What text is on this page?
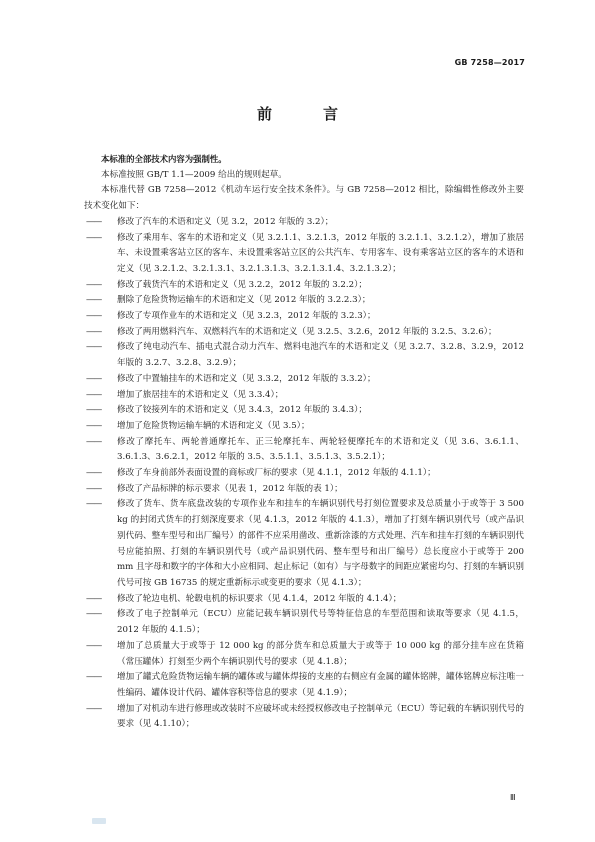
GB 7258—2017
前　言

本标准的全部技术内容为强制性。

本标准按照 GB/T 1.1—2009 给出的规则起草。

本标准代替 GB 7258—2012《机动车运行安全技术条件》。与 GB 7258—2012 相比，除编辑性修改外主要技术变化如下：

——	修改了汽车的术语和定义（见 3.2，2012 年版的 3.2）；
——	修改了乘用车、客车的术语和定义（见 3.2.1.1、3.2.1.3，2012 年版的 3.2.1.1、3.2.1.2），增加了旅居车、未设置乘客站立区的客车、未设置乘客站立区的公共汽车、专用客车、设有乘客站立区的客车的术语和定义（见 3.2.1.2、3.2.1.3.1、3.2.1.3.1.3、3.2.1.3.1.4、3.2.1.3.2）；
——	修改了载货汽车的术语和定义（见 3.2.2，2012 年版的 3.2.2）；
——	删除了危险货物运输车的术语和定义（见 2012 年版的 3.2.2.3）；
——	修改了专项作业车的术语和定义（见 3.2.3，2012 年版的 3.2.3）；
——	修改了两用燃料汽车、双燃料汽车的术语和定义（见 3.2.5、3.2.6，2012 年版的 3.2.5、3.2.6）；
——	修改了纯电动汽车、插电式混合动力汽车、燃料电池汽车的术语和定义（见 3.2.7、3.2.8、3.2.9，2012 年版的 3.2.7、3.2.8、3.2.9）；
——	修改了中置轴挂车的术语和定义（见 3.3.2，2012 年版的 3.3.2）；
——	增加了旅居挂车的术语和定义（见 3.3.4）；
——	修改了铰接列车的术语和定义（见 3.4.3，2012 年版的 3.4.3）；
——	增加了危险货物运输车辆的术语和定义（见 3.5）；
——	修改了摩托车、两轮普通摩托车、正三轮摩托车、两轮轻便摩托车的术语和定义（见 3.6、3.6.1.1、3.6.1.3、3.6.2.1，2012 年版的 3.5、3.5.1.1、3.5.1.3、3.5.2.1）；
——	修改了车身前部外表面设置的商标或厂标的要求（见 4.1.1，2012 年版的 4.1.1）；
——	修改了产品标牌的标示要求（见表 1，2012 年版的表 1）；
——	修改了货车、货车底盘改装的专项作业车和挂车的车辆识别代号打刻位置要求及总质量小于或等于 3 500 kg 的封闭式货车的打刻深度要求（见 4.1.3，2012 年版的 4.1.3），增加了打刻车辆识别代号（或产品识别代码、整车型号和出厂编号）的部件不应采用凿改、重新涂漆的方式处理、汽车和挂车打刻的车辆识别代号应能拍照、打刻的车辆识别代号（或产品识别代码、整车型号和出厂编号）总长度应小于或等于 200 mm 且字母和数字的字体和大小应相同、起止标记（如有）与字母数字的间距应紧密均匀、打刻的车辆识别代号可按 GB 16735 的规定重新标示或变更的要求（见 4.1.3）；
——	修改了轮边电机、轮毂电机的标识要求（见 4.1.4，2012 年版的 4.1.4）；
——	修改了电子控制单元（ECU）应能记载车辆识别代号等特征信息的车型范围和读取等要求（见 4.1.5，2012 年版的 4.1.5）；
——	增加了总质量大于或等于 12 000 kg 的部分货车和总质量大于或等于 10 000 kg 的部分挂车应在货箱（常压罐体）打刻至少两个车辆识别代号的要求（见 4.1.8）；
——	增加了罐式危险货物运输车辆的罐体或与罐体焊接的支座的右侧应有金属的罐体铭牌，罐体铭牌应标注唯一性编码、罐体设计代码、罐体容积等信息的要求（见 4.1.9）；
——	增加了对机动车进行修理或改装时不应破坏或未经授权修改电子控制单元（ECU）等记载的车辆识别代号的要求（见 4.1.10）；
Ⅲ
